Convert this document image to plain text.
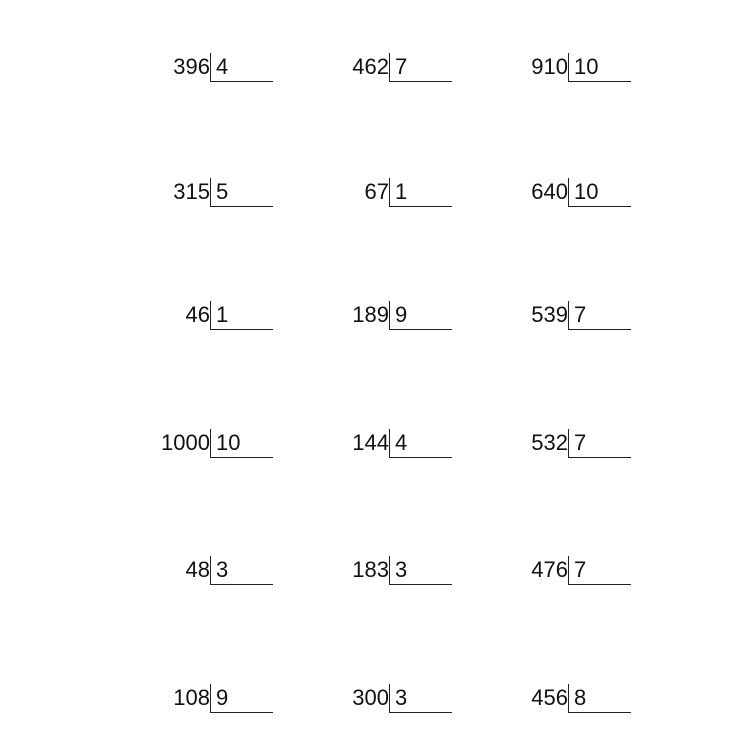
396 4	462 7	910 10
315 5	67 1	640 10
46 1	189 9	539 7
1000 10	144 4	532 7
48 3	183 3	476 7
108 9	300 3	456 8
